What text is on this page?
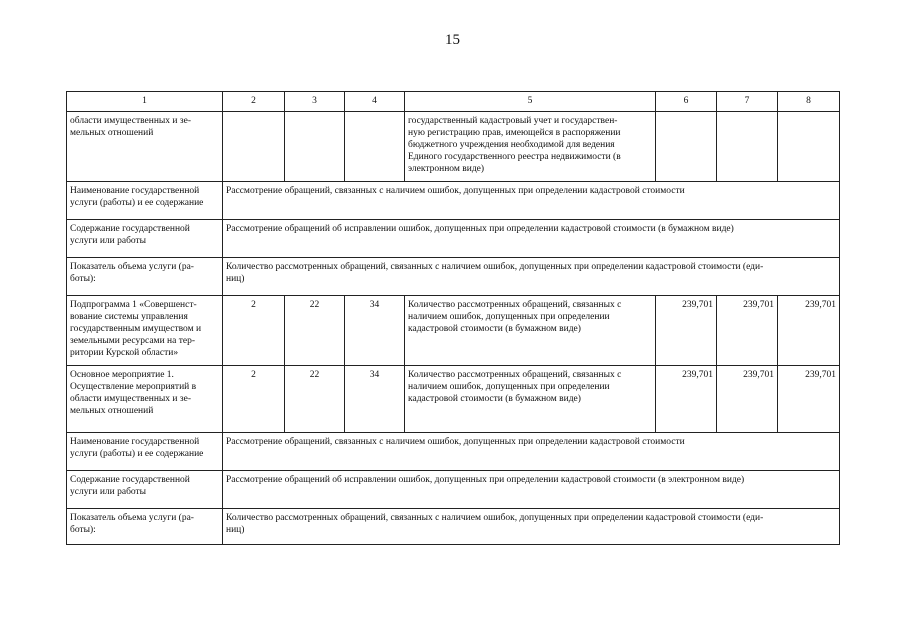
15
1	2	3	4	5	6	7	8
области имущественных и зе-
мельных отношений				государственный кадастровый учет и государствен-
ную регистрацию прав, имеющейся в распоряжении
бюджетного учреждения необходимой для ведения
Единого государственного реестра недвижимости (в
электронном виде)			
Наименование государственной
услуги (работы) и ее содержание	Рассмотрение обращений, связанных с наличием ошибок, допущенных при определении кадастровой стоимости						
Содержание государственной
услуги или работы	Рассмотрение обращений об исправлении ошибок, допущенных при определении кадастровой стоимости (в бумажном виде)						
Показатель объема услуги (ра-
боты):	Количество рассмотренных обращений, связанных с наличием ошибок, допущенных при определении кадастровой стоимости (еди-
ниц)						
Подпрограмма 1 «Совершенст-
вование системы управления
государственным имуществом и
земельными ресурсами на тер-
ритории Курской области»	2	22	34	Количество рассмотренных обращений, связанных с
наличием ошибок, допущенных при определении
кадастровой стоимости (в бумажном виде)	239,701	239,701	239,701
Основное мероприятие 1.
Осуществление мероприятий в
области имущественных и зе-
мельных отношений	2	22	34	Количество рассмотренных обращений, связанных с
наличием ошибок, допущенных при определении
кадастровой стоимости (в бумажном виде)	239,701	239,701	239,701
Наименование государственной
услуги (работы) и ее содержание	Рассмотрение обращений, связанных с наличием ошибок, допущенных при определении кадастровой стоимости						
Содержание государственной
услуги или работы	Рассмотрение обращений об исправлении ошибок, допущенных при определении кадастровой стоимости (в электронном виде)						
Показатель объема услуги (ра-
боты):	Количество рассмотренных обращений, связанных с наличием ошибок, допущенных при определении кадастровой стоимости (еди-
ниц)						
